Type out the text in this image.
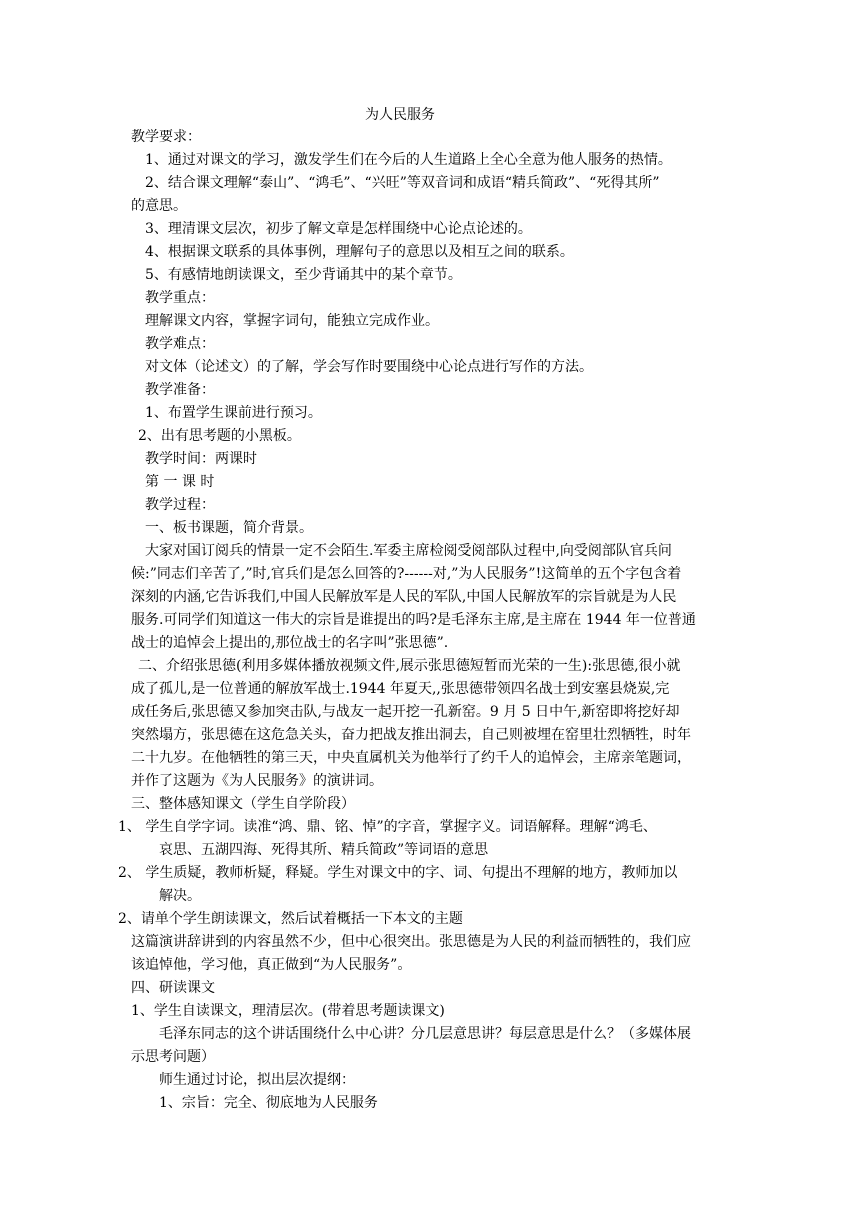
为人民服务
教学要求：
1、通过对课文的学习，激发学生们在今后的人生道路上全心全意为他人服务的热情。
2、结合课文理解“泰山”、“鸿毛”、“兴旺”等双音词和成语“精兵简政”、“死得其所”
的意思。
3、理清课文层次，初步了解文章是怎样围绕中心论点论述的。
4、根据课文联系的具体事例，理解句子的意思以及相互之间的联系。
5、有感情地朗读课文，至少背诵其中的某个章节。
教学重点：
理解课文内容，掌握字词句，能独立完成作业。
教学难点：
对文体（论述文）的了解，学会写作时要围绕中心论点进行写作的方法。
教学准备：
1、布置学生课前进行预习。
2、出有思考题的小黑板。
教学时间：两课时
第 一 课 时
教学过程：
一、板书课题，简介背景。
大家对国订阅兵的情景一定不会陌生.军委主席检阅受阅部队过程中,向受阅部队官兵问
候:”同志们辛苦了,”时,官兵们是怎么回答的?------对,”为人民服务”!这简单的五个字包含着
深刻的内涵,它告诉我们,中国人民解放军是人民的军队,中国人民解放军的宗旨就是为人民
服务.可同学们知道这一伟大的宗旨是谁提出的吗?是毛泽东主席,是主席在 1944 年一位普通
战士的追悼会上提出的,那位战士的名字叫”张思德”.
二、介绍张思德(利用多媒体播放视频文件,展示张思德短暂而光荣的一生):张思德,很小就
成了孤儿,是一位普通的解放军战士.1944 年夏天,,张思德带领四名战士到安塞县烧炭,完
成任务后,张思德又参加突击队,与战友一起开挖一孔新窑。9 月 5 日中午,新窑即将挖好却
突然塌方，张思德在这危急关头，奋力把战友推出洞去，自己则被埋在窑里壮烈牺牲，时年
二十九岁。在他牺牲的第三天，中央直属机关为他举行了约千人的追悼会，主席亲笔题词，
并作了这题为《为人民服务》的演讲词。
三、整体感知课文（学生自学阶段）
1、 学生自学字词。读准“鸿、鼎、铭、悼”的字音，掌握字义。词语解释。理解“鸿毛、
哀思、五湖四海、死得其所、精兵简政”等词语的意思
2、 学生质疑，教师析疑，释疑。学生对课文中的字、词、句提出不理解的地方，教师加以
解决。
2、请单个学生朗读课文，然后试着概括一下本文的主题
这篇演讲辞讲到的内容虽然不少，但中心很突出。张思德是为人民的利益而牺牲的，我们应
该追悼他，学习他，真正做到“为人民服务”。
四、研读课文
1、学生自读课文，理清层次。(带着思考题读课文)
毛泽东同志的这个讲话围绕什么中心讲？分几层意思讲？每层意思是什么？（多媒体展
示思考问题）
师生通过讨论，拟出层次提纲：
1、宗旨：完全、彻底地为人民服务
